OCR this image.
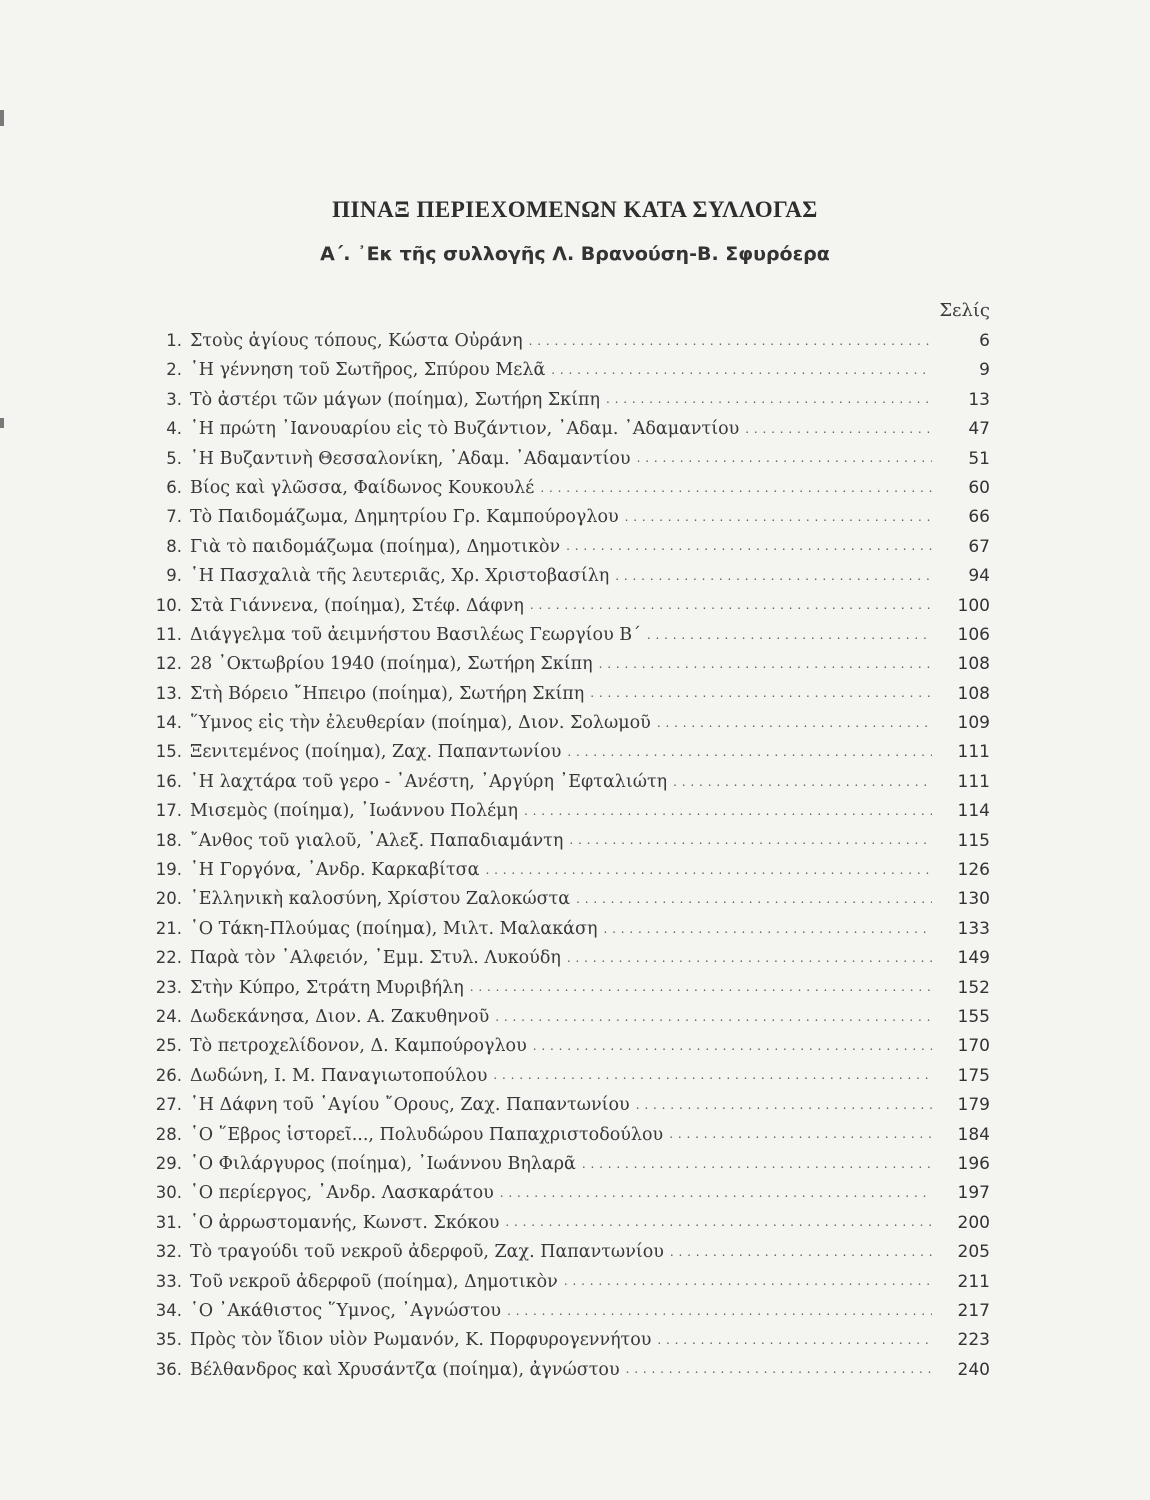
ΠΙΝΑΞ ΠΕΡΙΕΧΟΜΕΝΩΝ ΚΑΤΑ ΣΥΛΛΟΓΑΣ
Α΄. ᾿Εκ τῆς συλλογῆς Λ. Βρανούση-Β. Σφυρόερα
Σελίς
1. Στοὺς ἁγίους τόπους, Κώστα Οὐράνη . . .	6
2. ῾Η γέννηση τοῦ Σωτῆρος, Σπύρου Μελᾶ . . .	9
3. Τὸ ἀστέρι τῶν μάγων (ποίημα), Σωτήρη Σκίπη . . .	13
4. ῾Η πρώτη ᾿Ιανουαρίου εἰς τὸ Βυζάντιον, ᾿Αδαμ. ᾿Αδαμαντίου . . .	47
5. ῾Η Βυζαντινὴ Θεσσαλονίκη, ᾿Αδαμ. ᾿Αδαμαντίου . . .	51
6. Βίος καὶ γλῶσσα, Φαίδωνος Κουκουλέ . . .	60
7. Τὸ Παιδομάζωμα, Δημητρίου Γρ. Καμπούρογλου . . .	66
8. Γιὰ τὸ παιδομάζωμα (ποίημα), Δημοτικὸν . . .	67
9. ῾Η Πασχαλιὰ τῆς λευτεριᾶς, Χρ. Χριστοβασίλη . . .	94
10. Στὰ Γιάννενα, (ποίημα), Στέφ. Δάφνη . . .	100
11. Διάγγελμα τοῦ ἀειμνήστου Βασιλέως Γεωργίου Β΄ . . .	106
12. 28 ᾿Οκτωβρίου 1940 (ποίημα), Σωτήρη Σκίπη . . .	108
13. Στὴ Βόρειο ῎Ηπειρο (ποίημα), Σωτήρη Σκίπη . . .	108
14. ῞Υμνος εἰς τὴν ἐλευθερίαν (ποίημα), Διον. Σολωμοῦ . . .	109
15. Ξενιτεμένος (ποίημα), Ζαχ. Παπαντωνίου . . .	111
16. ῾Η λαχτάρα τοῦ γερο - ᾿Ανέστη, ᾿Αργύρη ᾿Εφταλιώτη . . .	111
17. Μισεμὸς (ποίημα), ᾿Ιωάννου Πολέμη . . .	114
18. ῎Ανθος τοῦ γιαλοῦ, ᾿Αλεξ. Παπαδιαμάντη . . .	115
19. ῾Η Γοργόνα, ᾿Ανδρ. Καρκαβίτσα . . .	126
20. ῾Ελληνικὴ καλοσύνη, Χρίστου Ζαλοκώστα . . .	130
21. ῾Ο Τάκη-Πλούμας (ποίημα), Μιλτ. Μαλακάση . . .	133
22. Παρὰ τὸν ᾿Αλφειόν, ᾿Εμμ. Στυλ. Λυκούδη . . .	149
23. Στὴν Κύπρο, Στράτη Μυριβήλη . . .	152
24. Δωδεκάνησα, Διον. Α. Ζακυθηνοῦ . . .	155
25. Τὸ πετροχελίδονον, Δ. Καμπούρογλου . . .	170
26. Δωδώνη, Ι. Μ. Παναγιωτοπούλου . . .	175
27. ῾Η Δάφνη τοῦ ῾Αγίου ῎Ορους, Ζαχ. Παπαντωνίου . . .	179
28. ῾Ο ῞Εβρος ἱστορεῖ..., Πολυδώρου Παπαχριστοδούλου . . .	184
29. ῾Ο Φιλάργυρος (ποίημα), ᾿Ιωάννου Βηλαρᾶ . . .	196
30. ῾Ο περίεργος, ᾿Ανδρ. Λασκαράτου . . .	197
31. ῾Ο ἀρρωστομανής, Κωνστ. Σκόκου . . .	200
32. Τὸ τραγούδι τοῦ νεκροῦ ἀδερφοῦ, Ζαχ. Παπαντωνίου . . .	205
33. Τοῦ νεκροῦ ἀδερφοῦ (ποίημα), Δημοτικὸν . . .	211
34. ῾Ο ᾿Ακάθιστος ῞Υμνος, ᾿Αγνώστου . . .	217
35. Πρὸς τὸν ἴδιον υἱὸν Ρωμανόν, Κ. Πορφυρογεννήτου . . .	223
36. Βέλθανδρος καὶ Χρυσάντζα (ποίημα), ἀγνώστου . . .	240
